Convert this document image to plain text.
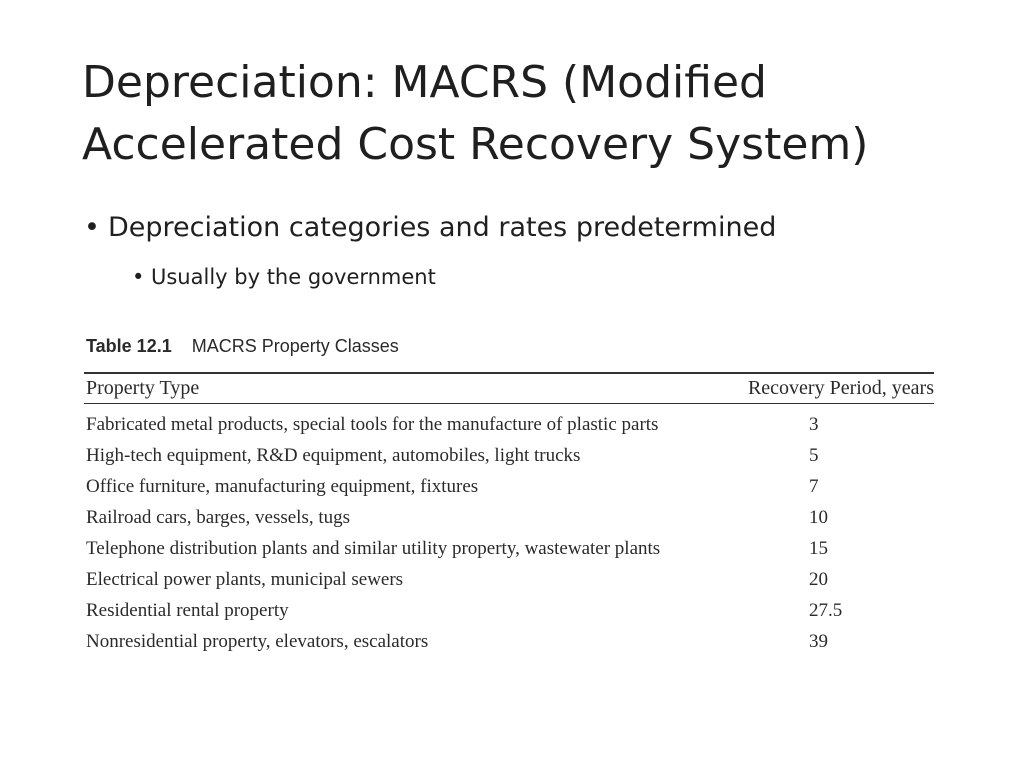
Depreciation: MACRS (Modified
Accelerated Cost Recovery System)
• Depreciation categories and rates predetermined
• Usually by the government
Table 12.1 MACRS Property Classes
Property Type	Recovery Period, years
Fabricated metal products, special tools for the manufacture of plastic parts	3
High-tech equipment, R&D equipment, automobiles, light trucks	5
Office furniture, manufacturing equipment, fixtures	7
Railroad cars, barges, vessels, tugs	10
Telephone distribution plants and similar utility property, wastewater plants	15
Electrical power plants, municipal sewers	20
Residential rental property	27.5
Nonresidential property, elevators, escalators	39
